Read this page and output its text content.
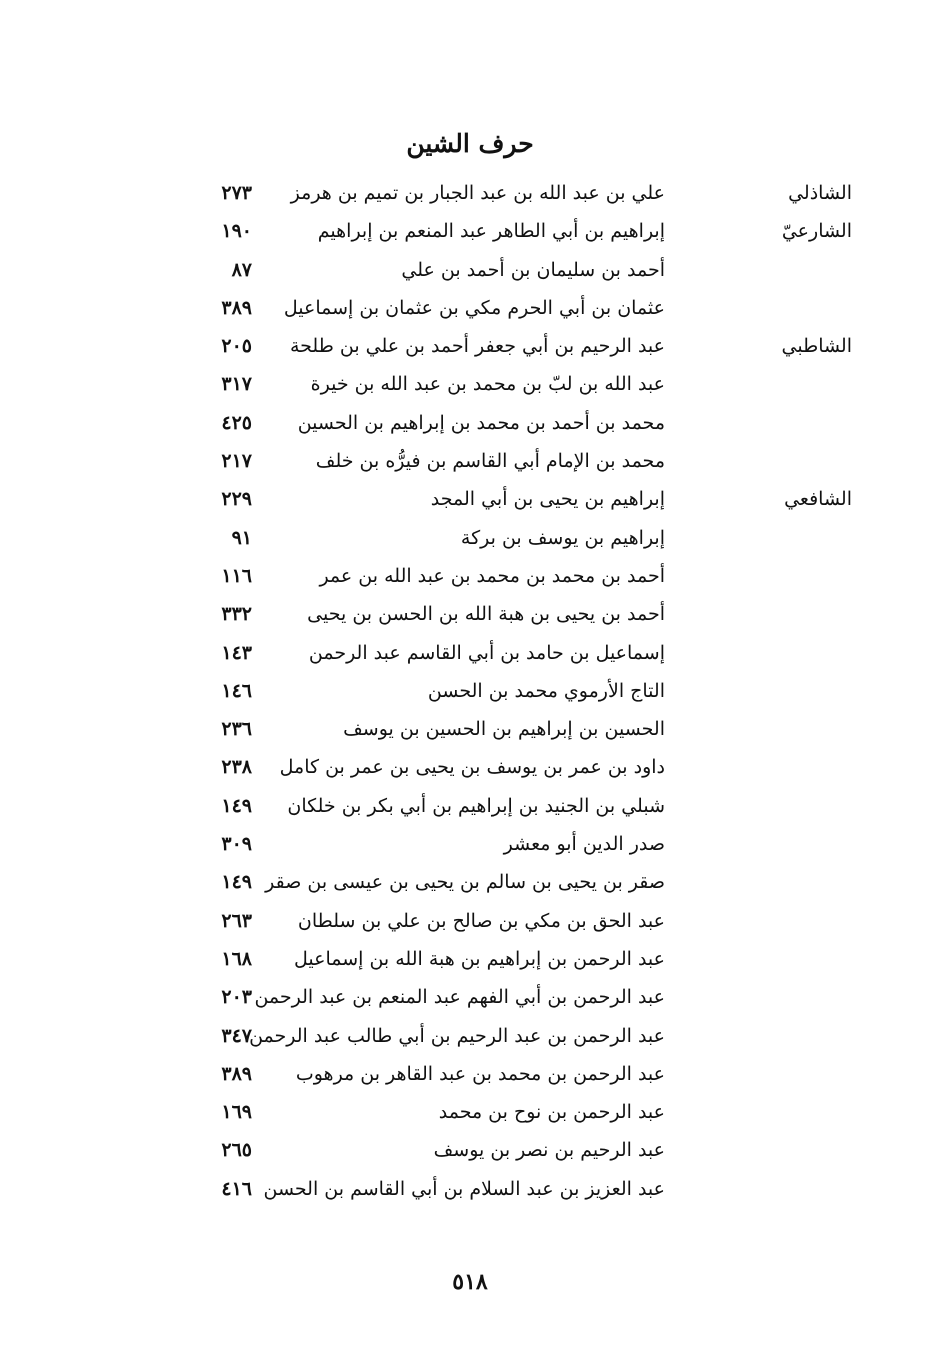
حرف الشين
الشاذلي
علي بن عبد الله بن عبد الجبار بن تميم بن هرمز
٢٧٣
الشارعيّ
إبراهيم بن أبي الطاهر عبد المنعم بن إبراهيم
١٩٠
أحمد بن سليمان بن أحمد بن علي
٨٧
عثمان بن أبي الحرم مكي بن عثمان بن إسماعيل
٣٨٩
الشاطبي
عبد الرحيم بن أبي جعفر أحمد بن علي بن طلحة
٢٠٥
عبد الله بن لبّ بن محمد بن عبد الله بن خيرة
٣١٧
محمد بن أحمد بن محمد بن إبراهيم بن الحسين
٤٢٥
محمد بن الإمام أبي القاسم بن فيرُّه بن خلف
٢١٧
الشافعي
إبراهيم بن يحيى بن أبي المجد
٢٢٩
إبراهيم بن يوسف بن بركة
٩١
أحمد بن محمد بن محمد بن عبد الله بن عمر
١١٦
أحمد بن يحيى بن هبة الله بن الحسن بن يحيى
٣٣٢
إسماعيل بن حامد بن أبي القاسم عبد الرحمن
١٤٣
التاج الأرموي محمد بن الحسن
١٤٦
الحسين بن إبراهيم بن الحسين بن يوسف
٢٣٦
داود بن عمر بن يوسف بن يحيى بن عمر بن كامل
٢٣٨
شبلي بن الجنيد بن إبراهيم بن أبي بكر بن خلكان
١٤٩
صدر الدين أبو معشر
٣٠٩
صقر بن يحيى بن سالم بن يحيى بن عيسى بن صقر
١٤٩
عبد الحق بن مكي بن صالح بن علي بن سلطان
٢٦٣
عبد الرحمن بن إبراهيم بن هبة الله بن إسماعيل
١٦٨
عبد الرحمن بن أبي الفهم عبد المنعم بن عبد الرحمن
٢٠٣
عبد الرحمن بن عبد الرحيم بن أبي طالب عبد الرحمن
٣٤٧
عبد الرحمن بن محمد بن عبد القاهر بن مرهوب
٣٨٩
عبد الرحمن بن نوح بن محمد
١٦٩
عبد الرحيم بن نصر بن يوسف
٢٦٥
عبد العزيز بن عبد السلام بن أبي القاسم بن الحسن
٤١٦
٥١٨
